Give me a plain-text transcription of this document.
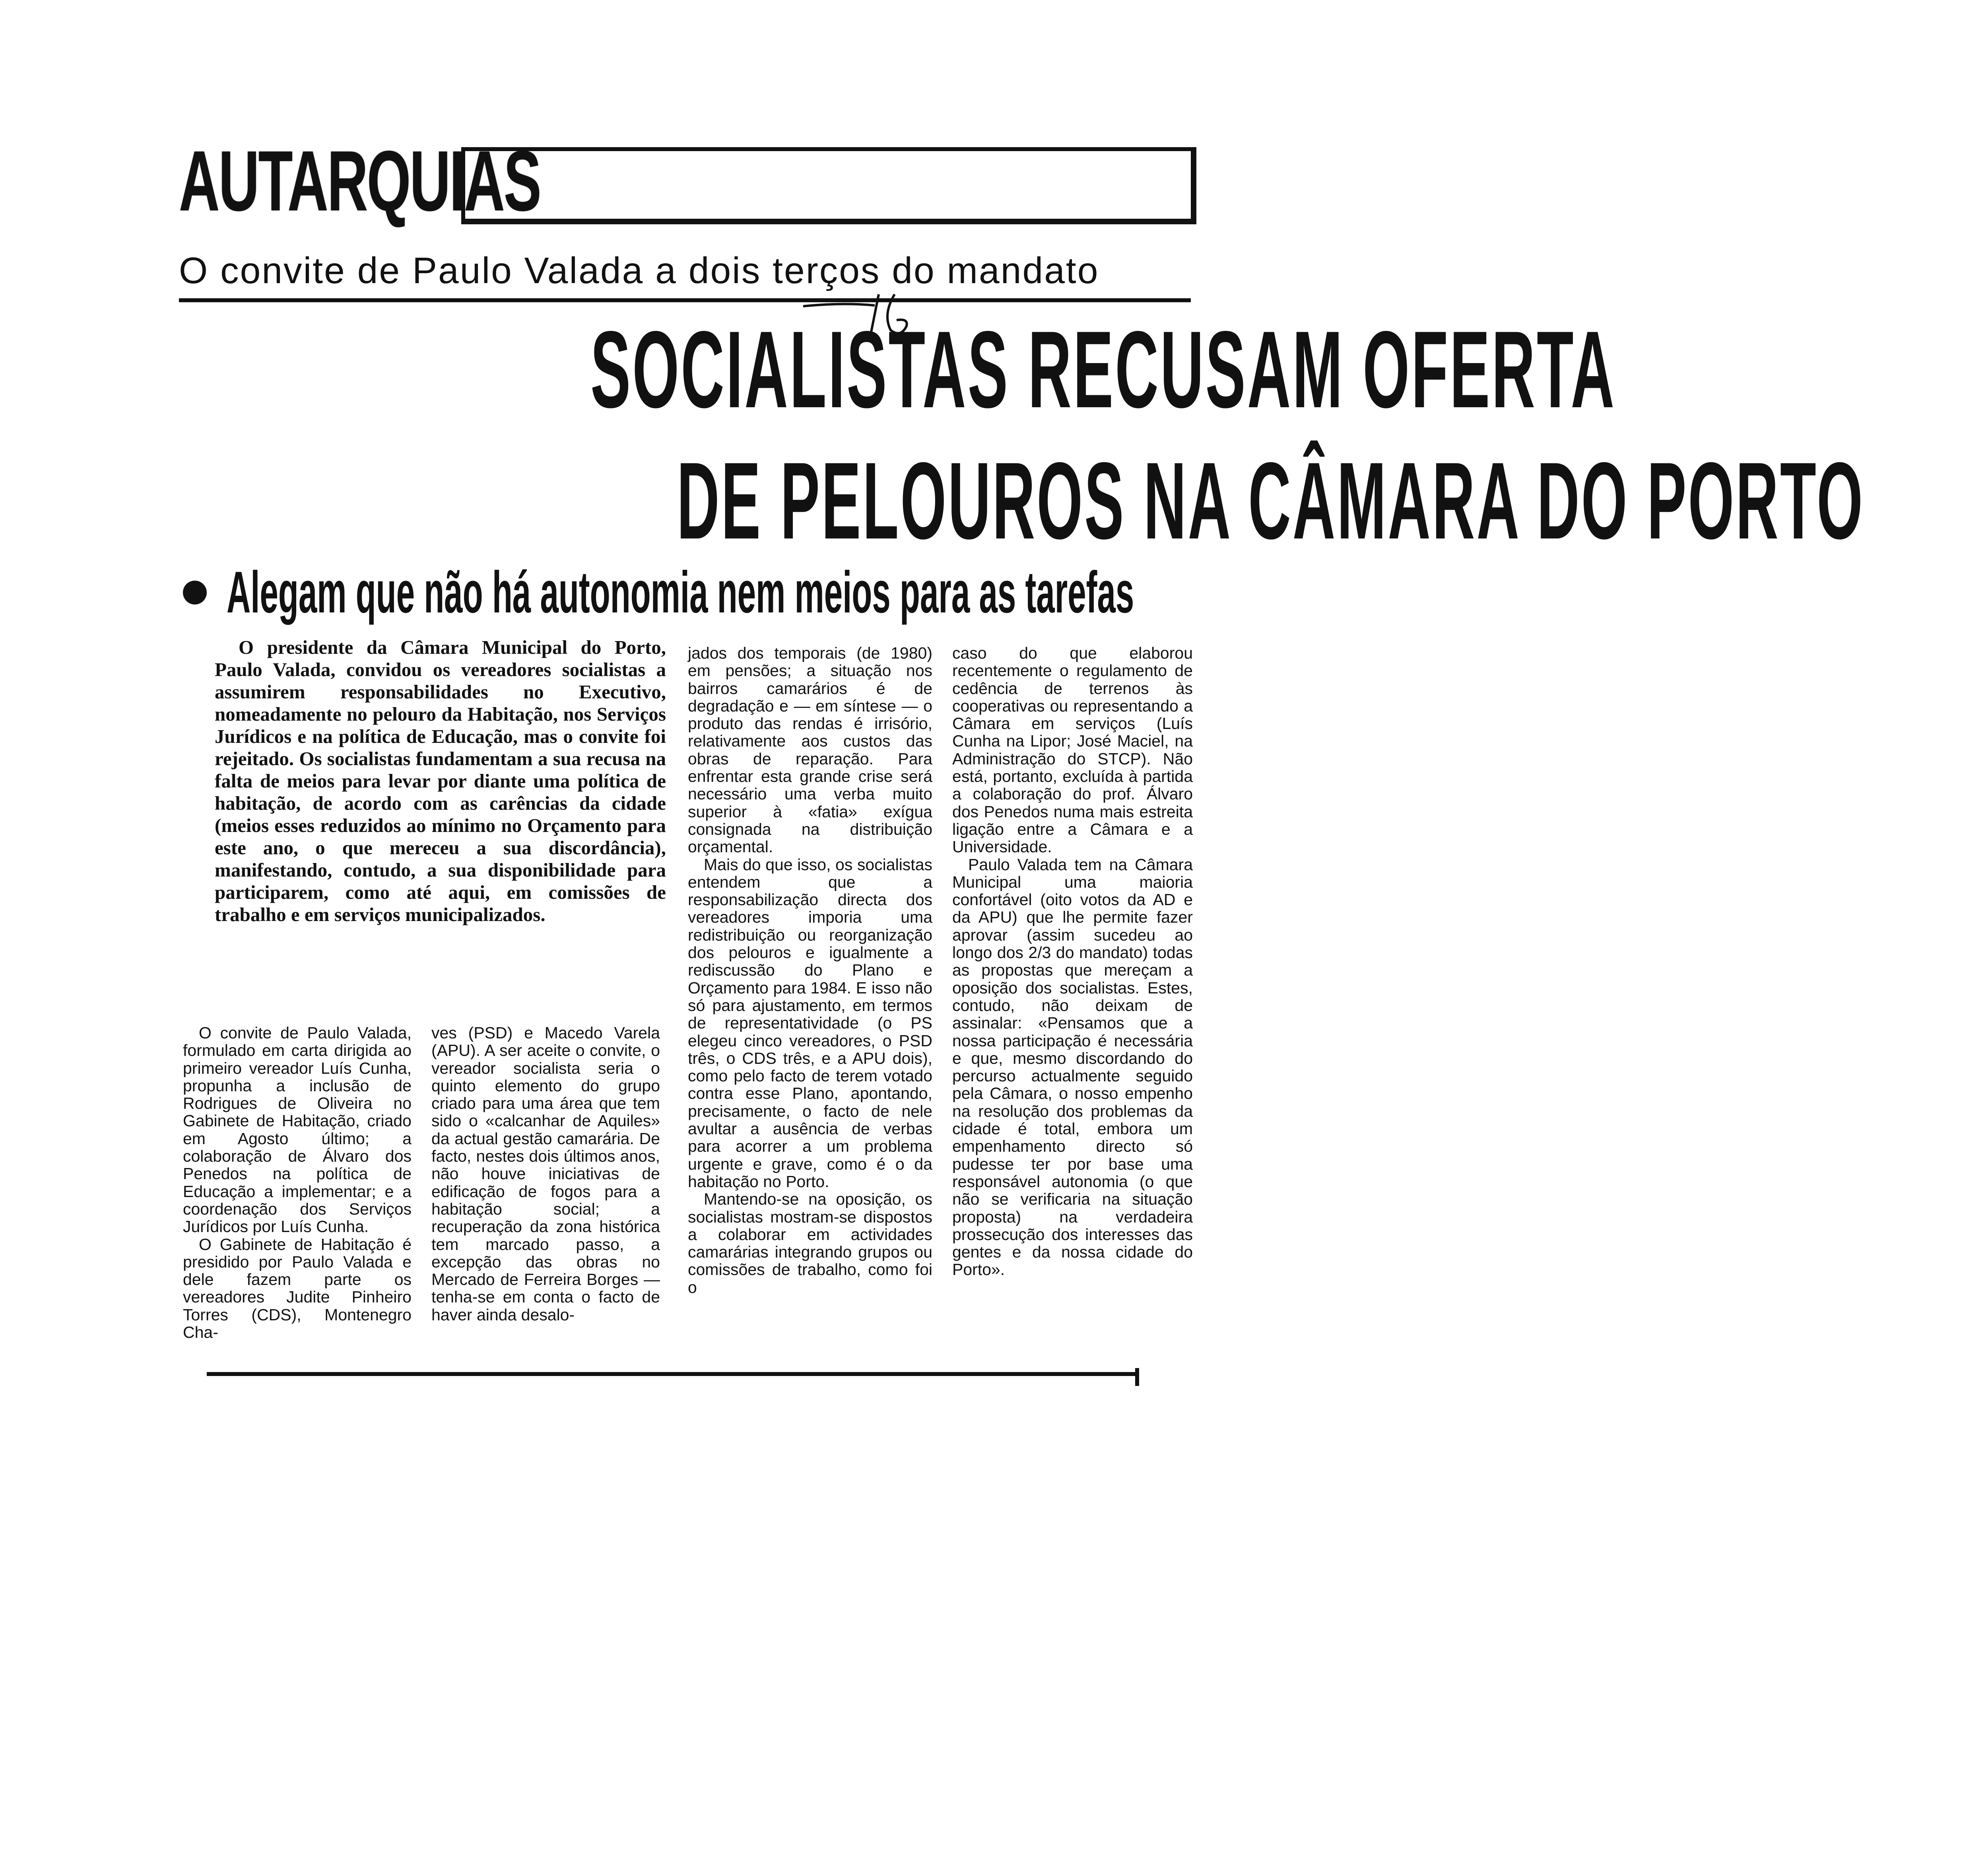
AUTARQUIAS
O convite de Paulo Valada a dois terços do mandato
SOCIALISTAS RECUSAM OFERTA
DE PELOUROS NA CÂMARA DO PORTO
Alegam que não há autonomia nem meios para as tarefas

O presidente da Câmara Municipal do Porto, Paulo Valada, convidou os vereadores socialistas a assumirem responsabilidades no Executivo, nomeadamente no pelouro da Habitação, nos Serviços Jurídicos e na política de Educação, mas o convite foi rejeitado. Os socialistas fundamentam a sua recusa na falta de meios para levar por diante uma política de habitação, de acordo com as carências da cidade (meios esses reduzidos ao mínimo no Orçamento para este ano, o que mereceu a sua discordância), manifestando, contudo, a sua disponibilidade para participarem, como até aqui, em comissões de trabalho e em serviços municipalizados.

O convite de Paulo Valada, formulado em carta dirigida ao primeiro vereador Luís Cunha, propunha a inclusão de Rodrigues de Oliveira no Gabinete de Habitação, criado em Agosto último; a colaboração de Álvaro dos Penedos na política de Educação a implementar; e a coordenação dos Serviços Jurídicos por Luís Cunha.

O Gabinete de Habitação é presidido por Paulo Valada e dele fazem parte os vereadores Judite Pinheiro Torres (CDS), Montenegro Cha-

ves (PSD) e Macedo Varela (APU). A ser aceite o convite, o vereador socialista seria o quinto elemento do grupo criado para uma área que tem sido o «calcanhar de Aquiles» da actual gestão camarária. De facto, nestes dois últimos anos, não houve iniciativas de edificação de fogos para a habitação social; a recuperação da zona histórica tem marcado passo, a excepção das obras no Mercado de Ferreira Borges — tenha-se em conta o facto de haver ainda desalo-

jados dos temporais (de 1980) em pensões; a situação nos bairros camarários é de degradação e — em síntese — o produto das rendas é irrisório, relativamente aos custos das obras de reparação. Para enfrentar esta grande crise será necessário uma verba muito superior à «fatia» exígua consignada na distribuição orçamental.

Mais do que isso, os socialistas entendem que a responsabilização directa dos vereadores imporia uma redistribuição ou reorganização dos pelouros e igualmente a rediscussão do Plano e Orçamento para 1984. E isso não só para ajustamento, em termos de representatividade (o PS elegeu cinco vereadores, o PSD três, o CDS três, e a APU dois), como pelo facto de terem votado contra esse Plano, apontando, precisamente, o facto de nele avultar a ausência de verbas para acorrer a um problema urgente e grave, como é o da habitação no Porto.

Mantendo-se na oposição, os socialistas mostram-se dispostos a colaborar em actividades camarárias integrando grupos ou comissões de trabalho, como foi o

caso do que elaborou recentemente o regulamento de cedência de terrenos às cooperativas ou representando a Câmara em serviços (Luís Cunha na Lipor; José Maciel, na Administração do STCP). Não está, portanto, excluída à partida a colaboração do prof. Álvaro dos Penedos numa mais estreita ligação entre a Câmara e a Universidade.

Paulo Valada tem na Câmara Municipal uma maioria confortável (oito votos da AD e da APU) que lhe permite fazer aprovar (assim sucedeu ao longo dos 2/3 do mandato) todas as propostas que mereçam a oposição dos socialistas. Estes, contudo, não deixam de assinalar: «Pensamos que a nossa participação é necessária e que, mesmo discordando do percurso actualmente seguido pela Câmara, o nosso empenho na resolução dos problemas da cidade é total, embora um empenhamento directo só pudesse ter por base uma responsável autonomia (o que não se verificaria na situação proposta) na verdadeira prossecução dos interesses das gentes e da nossa cidade do Porto».
